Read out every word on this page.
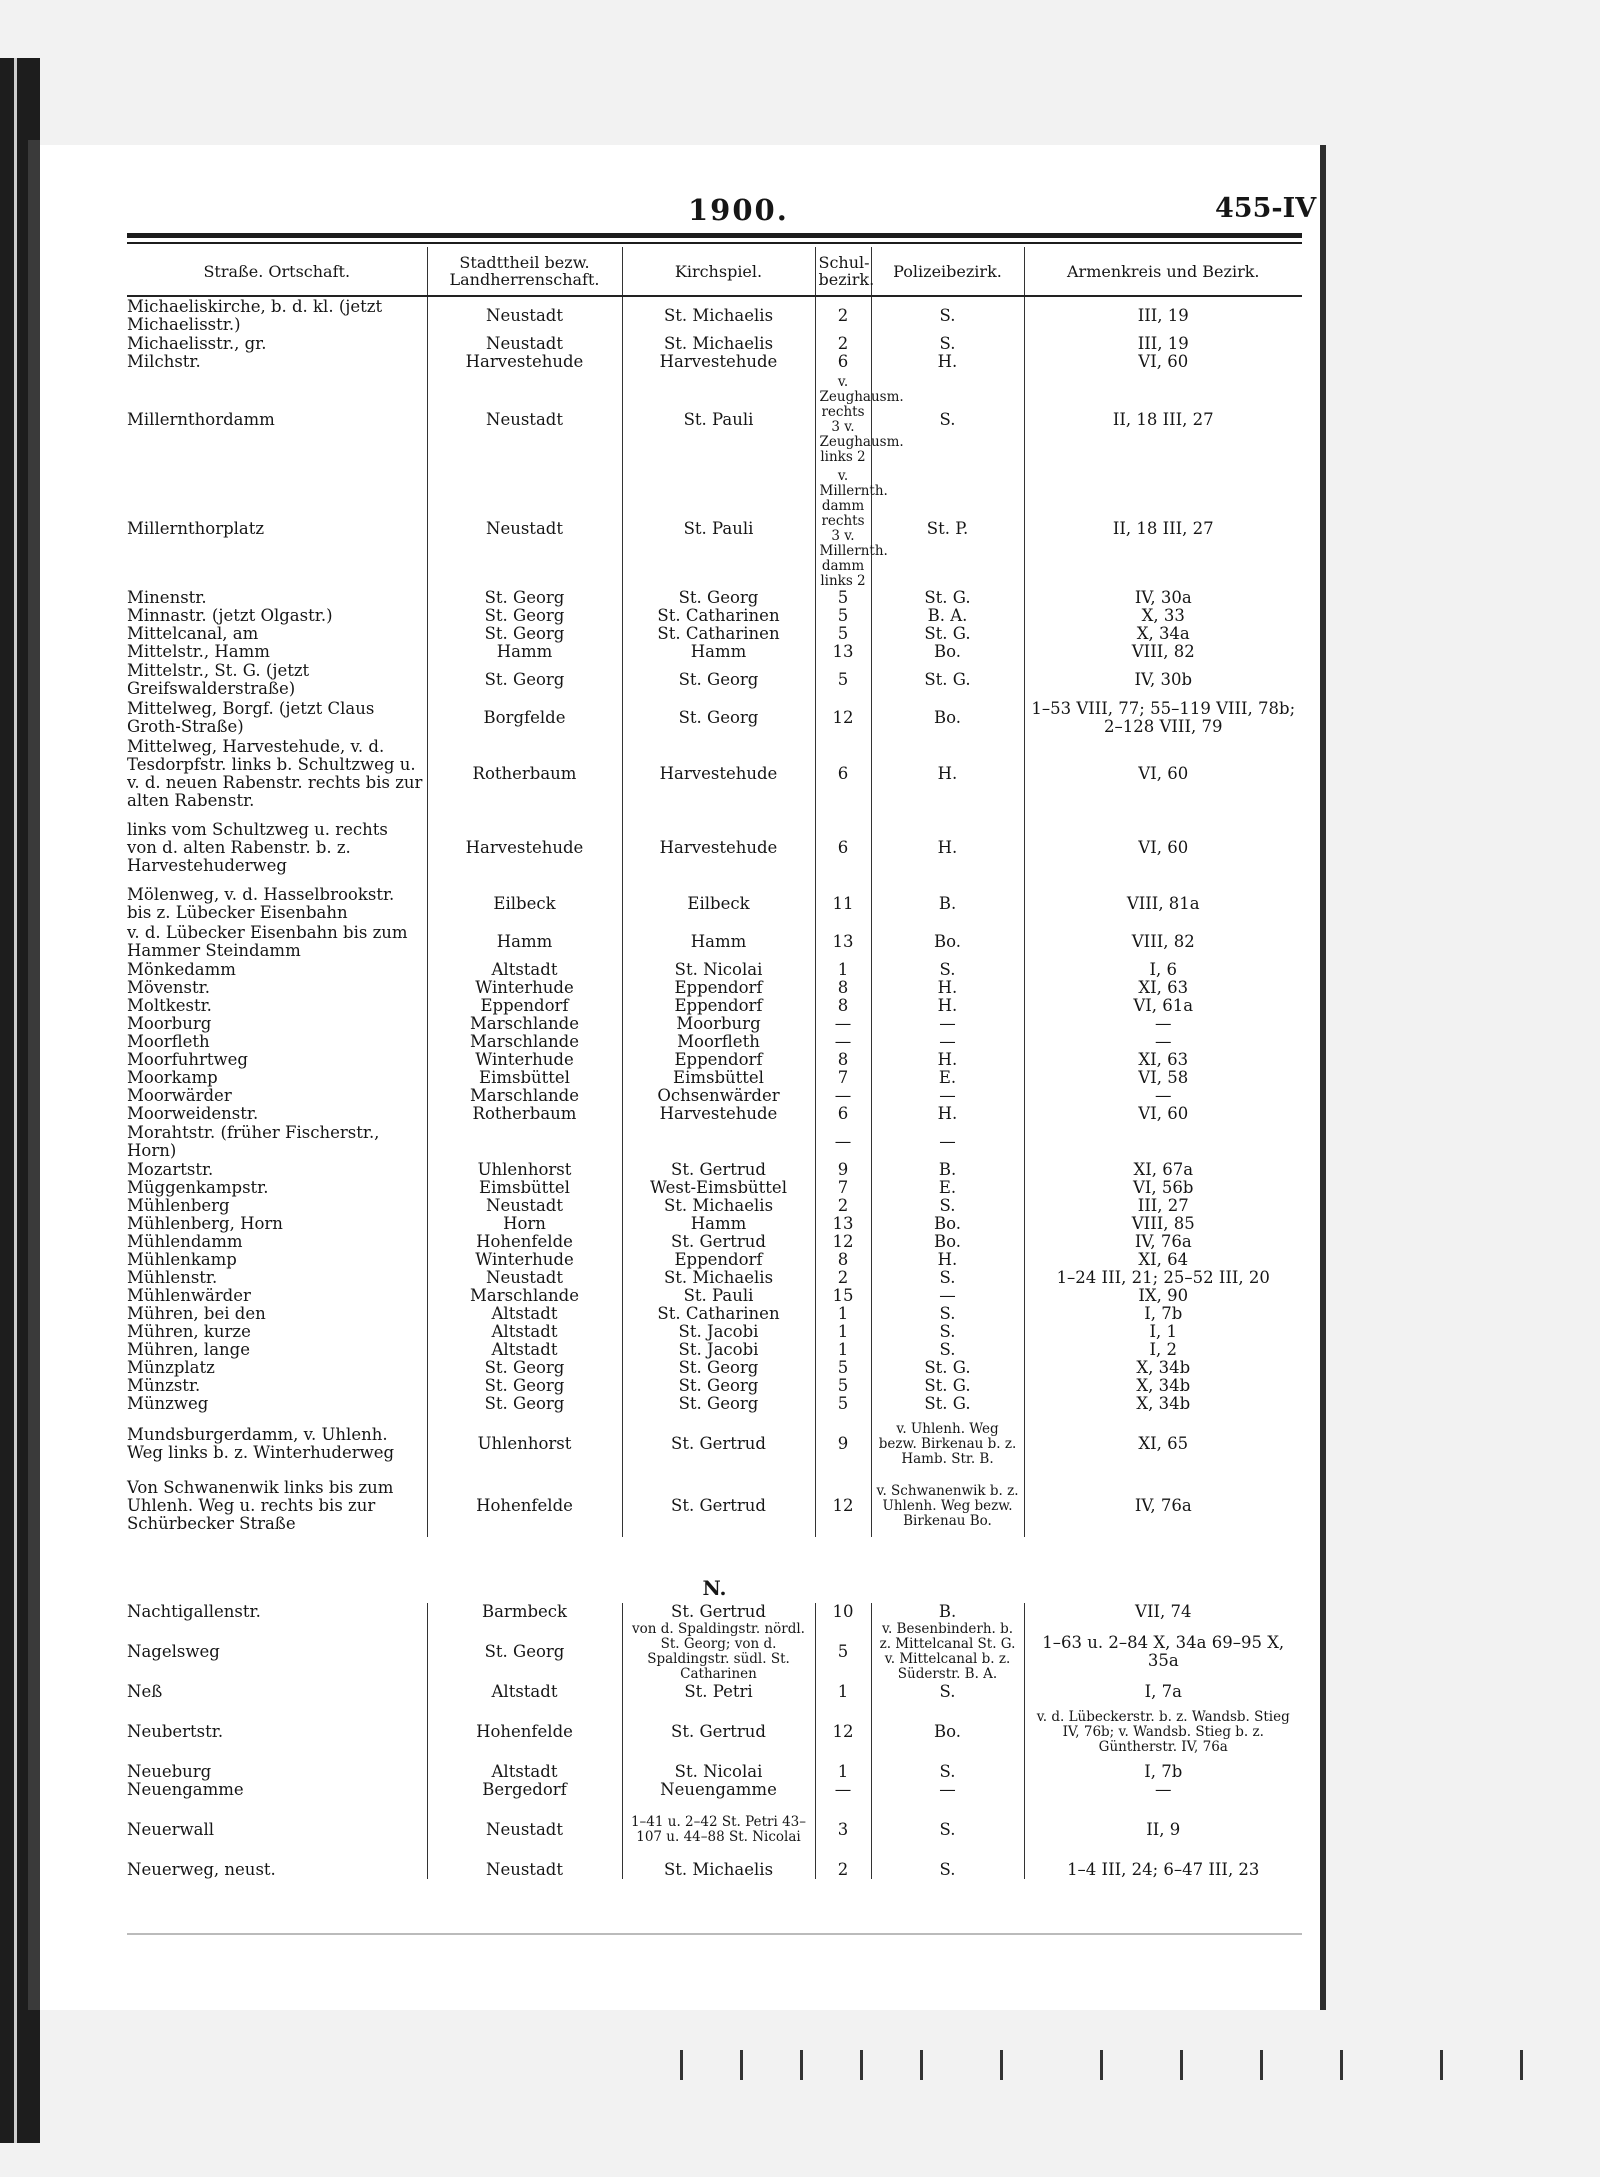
1900.	455-IV
Straße. Ortschaft.	Stadttheil bezw. Landherrenschaft.	Kirchspiel.	Schul-bezirk.	Polizeibezirk.	Armenkreis und Bezirk.
Michaeliskirche, b. d. kl. (jetzt Michaelisstr.)	Neustadt	St. Michaelis	2	S.	III, 19
Michaelisstr., gr.	Neustadt	St. Michaelis	2	S.	III, 19
Milchstr.	Harvestehude	Harvestehude	6	H.	VI, 60
Millernthordamm	Neustadt	St. Pauli	v. Zeughausm. rechts 3 v. Zeughausm. links 2	S.	II, 18 III, 27
Millernthorplatz	Neustadt	St. Pauli	v. Millernth. damm rechts 3 v. Millernth. damm links 2	St. P.	II, 18 III, 27
Minenstr.	St. Georg	St. Georg	5	St. G.	IV, 30a
Minnastr. (jetzt Olgastr.)	St. Georg	St. Catharinen	5	B. A.	X, 33
Mittelcanal, am	St. Georg	St. Catharinen	5	St. G.	X, 34a
Mittelstr., Hamm	Hamm	Hamm	13	Bo.	VIII, 82
Mittelstr., St. G. (jetzt Greifswalderstraße)	St. Georg	St. Georg	5	St. G.	IV, 30b
Mittelweg, Borgf. (jetzt Claus Groth-Straße)	Borgfelde	St. Georg	12	Bo.	1–53 VIII, 77; 55–119 VIII, 78b; 2–128 VIII, 79
Mittelweg, Harvestehude, v. d. Tesdorpfstr. links b. Schultzweg u. v. d. neuen Rabenstr. rechts bis zur alten Rabenstr.	Rotherbaum	Harvestehude	6	H.	VI, 60
links vom Schultzweg u. rechts von d. alten Rabenstr. b. z. Harvestehuderweg	Harvestehude	Harvestehude	6	H.	VI, 60
Mölenweg, v. d. Hasselbrookstr. bis z. Lübecker Eisenbahn	Eilbeck	Eilbeck	11	B.	VIII, 81a
v. d. Lübecker Eisenbahn bis zum Hammer Steindamm	Hamm	Hamm	13	Bo.	VIII, 82
Mönkedamm	Altstadt	St. Nicolai	1	S.	I, 6
Mövenstr.	Winterhude	Eppendorf	8	H.	XI, 63
Moltkestr.	Eppendorf	Eppendorf	8	H.	VI, 61a
Moorburg	Marschlande	Moorburg	—	—	—
Moorfleth	Marschlande	Moorfleth	—	—	—
Moorfuhrtweg	Winterhude	Eppendorf	8	H.	XI, 63
Moorkamp	Eimsbüttel	Eimsbüttel	7	E.	VI, 58
Moorwärder	Marschlande	Ochsenwärder	—	—	—
Moorweidenstr.	Rotherbaum	Harvestehude	6	H.	VI, 60
Morahtstr. (früher Fischerstr., Horn)			—	—	
Mozartstr.	Uhlenhorst	St. Gertrud	9	B.	XI, 67a
Müggenkampstr.	Eimsbüttel	West-Eimsbüttel	7	E.	VI, 56b
Mühlenberg	Neustadt	St. Michaelis	2	S.	III, 27
Mühlenberg, Horn	Horn	Hamm	13	Bo.	VIII, 85
Mühlendamm	Hohenfelde	St. Gertrud	12	Bo.	IV, 76a
Mühlenkamp	Winterhude	Eppendorf	8	H.	XI, 64
Mühlenstr.	Neustadt	St. Michaelis	2	S.	1–24 III, 21; 25–52 III, 20
Mühlenwärder	Marschlande	St. Pauli	15	—	IX, 90
Mühren, bei den	Altstadt	St. Catharinen	1	S.	I, 7b
Mühren, kurze	Altstadt	St. Jacobi	1	S.	I, 1
Mühren, lange	Altstadt	St. Jacobi	1	S.	I, 2
Münzplatz	St. Georg	St. Georg	5	St. G.	X, 34b
Münzstr.	St. Georg	St. Georg	5	St. G.	X, 34b
Münzweg	St. Georg	St. Georg	5	St. G.	X, 34b
Mundsburgerdamm, v. Uhlenh. Weg links b. z. Winterhuderweg	Uhlenhorst	St. Gertrud	9	v. Uhlenh. Weg bezw. Birkenau b. z. Hamb. Str. B.	XI, 65
Von Schwanenwik links bis zum Uhlenh. Weg u. rechts bis zur Schürbecker Straße	Hohenfelde	St. Gertrud	12	v. Schwanenwik b. z. Uhlenh. Weg bezw. Birkenau Bo.	IV, 76a
N.					
Nachtigallenstr.	Barmbeck	St. Gertrud	10	B.	VII, 74
Nagelsweg	St. Georg	von d. Spaldingstr. nördl. St. Georg; von d. Spaldingstr. südl. St. Catharinen	5	v. Besenbinderh. b. z. Mittelcanal St. G. v. Mittelcanal b. z. Süderstr. B. A.	1–63 u. 2–84 X, 34a 69–95 X, 35a
Neß	Altstadt	St. Petri	1	S.	I, 7a
Neubertstr.	Hohenfelde	St. Gertrud	12	Bo.	v. d. Lübeckerstr. b. z. Wandsb. Stieg IV, 76b; v. Wandsb. Stieg b. z. Güntherstr. IV, 76a
Neueburg	Altstadt	St. Nicolai	1	S.	I, 7b
Neuengamme	Bergedorf	Neuengamme	—	—	—
Neuerwall	Neustadt	1–41 u. 2–42 St. Petri 43–107 u. 44–88 St. Nicolai	3	S.	II, 9
Neuerweg, neust.	Neustadt	St. Michaelis	2	S.	1–4 III, 24; 6–47 III, 23
